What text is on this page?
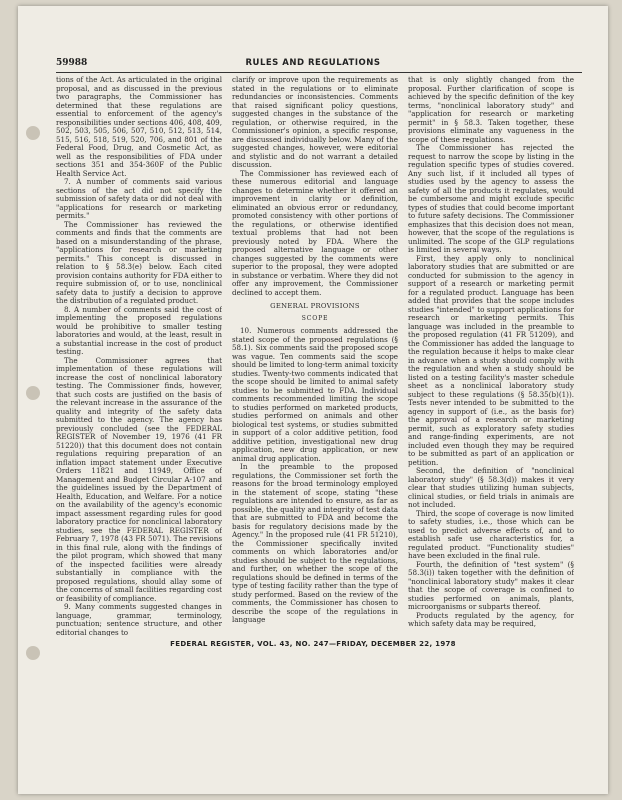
59988	RULES AND REGULATIONS

tions of the Act. As articulated in the original proposal, and as discussed in the previous two paragraphs, the Commissioner has determined that these regulations are essential to enforcement of the agency's responsibilities under sections 406, 408, 409, 502, 503, 505, 506, 507, 510, 512, 513, 514, 515, 516, 518, 519, 520, 706, and 801 of the Federal Food, Drug, and Cosmetic Act, as well as the responsibilities of FDA under sections 351 and 354-360F of the Public Health Service Act.

7. A number of comments said various sections of the act did not specify the submission of safety data or did not deal with "applications for research or marketing permits."

The Commissioner has reviewed the comments and finds that the comments are based on a misunderstanding of the phrase, "applications for research or marketing permits." This concept is discussed in relation to § 58.3(e) below. Each cited provision contains authority for FDA either to require submission of, or to use, nonclinical safety data to justify a decision to approve the distribution of a regulated product.

8. A number of comments said the cost of implementing the proposed regulations would be prohibitive to smaller testing laboratories and would, at the least, result in a substantial increase in the cost of product testing.

The Commissioner agrees that implementation of these regulations will increase the cost of nonclinical laboratory testing. The Commissioner finds, however, that such costs are justified on the basis of the relevant increase in the assurance of the quality and integrity of the safety data submitted to the agency. The agency has previously concluded (see the FEDERAL REGISTER of November 19, 1976 (41 FR 51220)) that this document does not contain regulations requiring preparation of an inflation impact statement under Executive Orders 11821 and 11949, Office of Management and Budget Circular A-107 and the guidelines issued by the Department of Health, Education, and Welfare. For a notice on the availability of the agency's economic impact assessment regarding rules for good laboratory practice for nonclinical laboratory studies, see the FEDERAL REGISTER of February 7, 1978 (43 FR 5071). The revisions in this final rule, along with the findings of the pilot program, which showed that many of the inspected facilities were already substantially in compliance with the proposed regulations, should allay some of the concerns of small facilities regarding cost or feasibility of compliance.

9. Many comments suggested changes in language, grammar, terminology, punctuation; sentence structure, and other editorial changes to

clarify or improve upon the requirements as stated in the regulations or to eliminate redundancies or inconsistencies. Comments that raised significant policy questions, suggested changes in the substance of the regulation, or otherwise required, in the Commissioner's opinion, a specific response, are discussed individually below. Many of the suggested changes, however, were editorial and stylistic and do not warrant a detailed discussion.

The Commissioner has reviewed each of these numerous editorial and language changes to determine whether it offered an improvement in clarity or definition, eliminated an obvious error or redundancy, promoted consistency with other portions of the regulations, or otherwise identified textual problems that had not been previously noted by FDA. Where the proposed alternative language or other changes suggested by the comments were superior to the proposal, they were adopted in substance or verbatim. Where they did not offer any improvement, the Commissioner declined to accept them.

GENERAL PROVISIONS

SCOPE

10. Numerous comments addressed the stated scope of the proposed regulations (§ 58.1). Six comments said the proposed scope was vague. Ten comments said the scope should be limited to long-term animal toxicity studies. Twenty-two comments indicated that the scope should be limited to animal safety studies to be submitted to FDA. Individual comments recommended limiting the scope to studies performed on marketed products, studies performed on animals and other biological test systems, or studies submitted in support of a color additive petition, food additive petition, investigational new drug application, new drug application, or new animal drug application.

In the preamble to the proposed regulations, the Commissioner set forth the reasons for the broad terminology employed in the statement of scope, stating "these regulations are intended to ensure, as far as possible, the quality and integrity of test data that are submitted to FDA and become the basis for regulatory decisions made by the Agency." In the proposed rule (41 FR 51210), the Commissioner specifically invited comments on which laboratories and/or studies should be subject to the regulations, and further, on whether the scope of the regulations should be defined in terms of the type of testing facility rather than the type of study performed. Based on the review of the comments, the Commissioner has chosen to describe the scope of the regulations in language

that is only slightly changed from the proposal. Further clarification of scope is achieved by the specific definition of the key terms, "nonclinical laboratory study" and "application for research or marketing permit" in § 58.3. Taken together, these provisions eliminate any vagueness in the scope of these regulations.

The Commissioner has rejected the request to narrow the scope by listing in the regulation specific types of studies covered. Any such list, if it included all types of studies used by the agency to assess the safety of all the products it regulates, would be cumbersome and might exclude specific types of studies that could become important to future safety decisions. The Commissioner emphasizes that this decision does not mean, however, that the scope of the regulations is unlimited. The scope of the GLP regulations is limited in several ways.

First, they apply only to nonclinical laboratory studies that are submitted or are conducted for submission to the agency in support of a research or marketing permit for a regulated product. Language has been added that provides that the scope includes studies "intended" to support applications for research or marketing permits. This language was included in the preamble to the proposed regulation (41 FR 51209), and the Commissioner has added the language to the regulation because it helps to make clear in advance when a study should comply with the regulation and when a study should be listed on a testing facility's master schedule sheet as a nonclinical laboratory study subject to these regulations (§ 58.35(b)(1)). Tests never intended to be submitted to the agency in support of (i.e., as the basis for) the approval of a research or marketing permit, such as exploratory safety studies and range-finding experiments, are not included even though they may be required to be submitted as part of an application or petition.

Second, the definition of "nonclinical laboratory study" (§ 58.3(d)) makes it very clear that studies utilizing human subjects, clinical studies, or field trials in animals are not included.

Third, the scope of coverage is now limited to safety studies, i.e., those which can be used to predict adverse effects of, and to establish safe use characteristics for, a regulated product. "Functionality studies" have been excluded in the final rule.

Fourth, the definition of "test system" (§ 58.3(i)) taken together with the definition of "nonclinical laboratory study" makes it clear that the scope of coverage is confined to studies performed on animals, plants, microorganisms or subparts thereof.

Products regulated by the agency, for which safety data may be required,

FEDERAL REGISTER, VOL. 43, NO. 247—FRIDAY, DECEMBER 22, 1978
